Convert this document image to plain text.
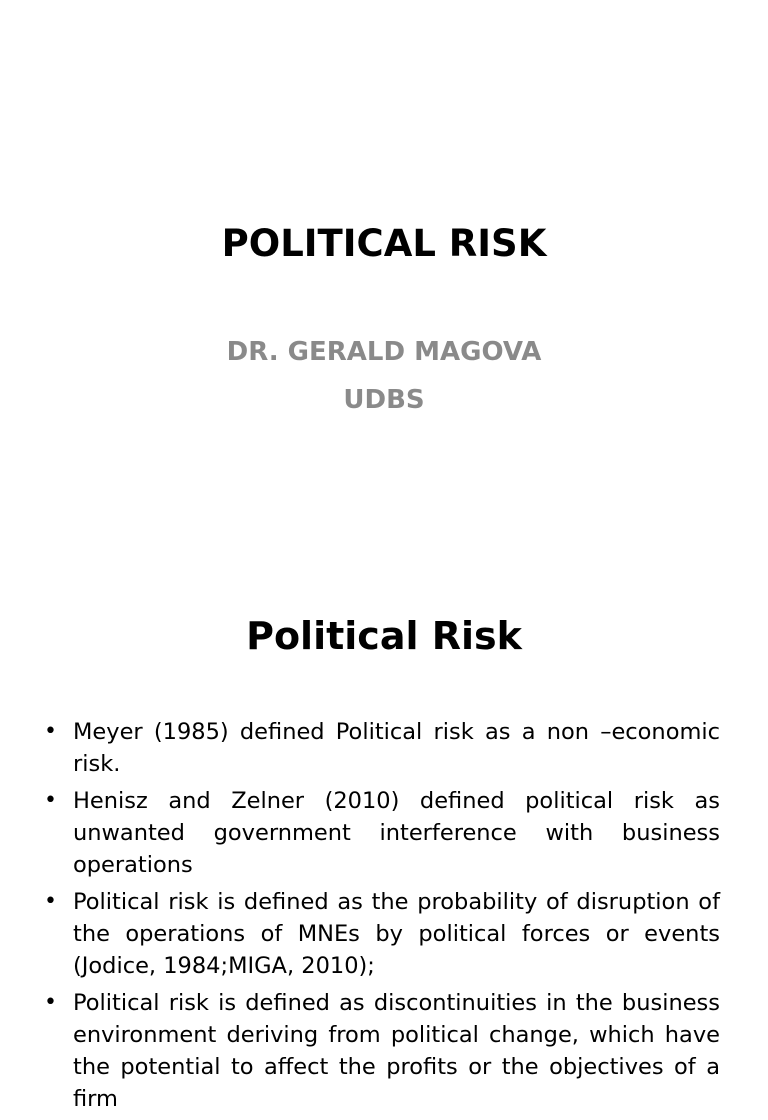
POLITICAL RISK
DR. GERALD MAGOVA
UDBS
Political Risk
• Meyer (1985) defined Political risk as a non –economic risk.
• Henisz and Zelner (2010) defined political risk as unwanted government interference with business operations
• Political risk is defined as the probability of disruption of the operations of MNEs by political forces or events (Jodice, 1984;MIGA, 2010);
• Political risk is defined as discontinuities in the business environment deriving from political change, which have the potential to affect the profits or the objectives of a firm
